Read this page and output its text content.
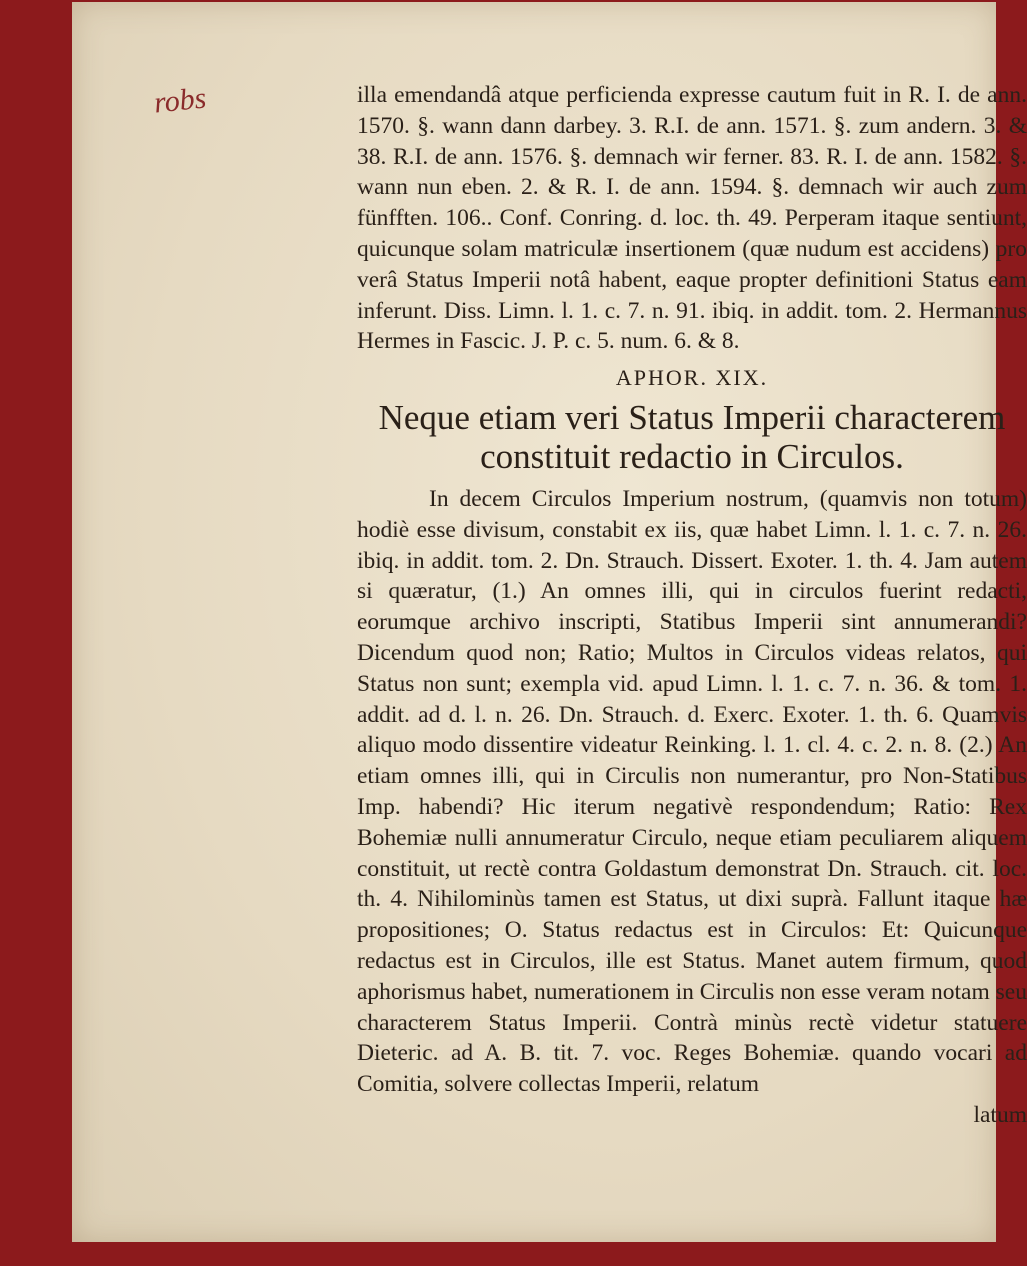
robs	illa emendandâ atque perficienda expresse cautum fuit in R. I. de ann. 1570. §. wann dann darbey. 3. R.I. de ann. 1571. §. zum andern. 3. & 38. R.I. de ann. 1576. §. demnach wir ferner. 83. R. I. de ann. 1582. §. wann nun eben. 2. & R. I. de ann. 1594. §. demnach wir auch zum fünfften. 106.. Conf. Conring. d. loc. th. 49. Perperam itaque sentiunt, quicunque solam matriculæ insertionem (quæ nudum est accidens) pro verâ Status Imperii notâ habent, eaque propter definitioni Status eam inferunt. Diss. Limn. l. 1. c. 7. n. 91. ibiq. in addit. tom. 2. Hermannus Hermes in Fascic. J. P. c. 5. num. 6. & 8.

APHOR. XIX.

Neque etiam veri Status Imperii characterem constituit redactio in Circulos.

In decem Circulos Imperium nostrum, (quamvis non totum) hodiè esse divisum, constabit ex iis, quæ habet Limn. l. 1. c. 7. n. 26. ibiq. in addit. tom. 2. Dn. Strauch. Dissert. Exoter. 1. th. 4. Jam autem si quæratur, (1.) An omnes illi, qui in circulos fuerint redacti, eorumque archivo inscripti, Statibus Imperii sint annumerandi? Dicendum quod non; Ratio; Multos in Circulos videas relatos, qui Status non sunt; exempla vid. apud Limn. l. 1. c. 7. n. 36. & tom. 1. addit. ad d. l. n. 26. Dn. Strauch. d. Exerc. Exoter. 1. th. 6. Quamvis aliquo modo dissentire videatur Reinking. l. 1. cl. 4. c. 2. n. 8. (2.) An etiam omnes illi, qui in Circulis non numerantur, pro Non-Statibus Imp. habendi? Hic iterum negativè respondendum; Ratio: Rex Bohemiæ nulli annumeratur Circulo, neque etiam peculiarem aliquem constituit, ut rectè contra Goldastum demonstrat Dn. Strauch. cit. loc. th. 4. Nihilominùs tamen est Status, ut dixi suprà. Fallunt itaque hæ propositiones; O. Status redactus est in Circulos: Et: Quicunque redactus est in Circulos, ille est Status. Manet autem firmum, quod aphorismus habet, numerationem in Circulis non esse veram notam seu characterem Status Imperii. Contrà minùs rectè videtur statuere Dieteric. ad A. B. tit. 7. voc. Reges Bohemiæ. quando vocari ad Comitia, solvere collectas Imperii, relatum

latum
